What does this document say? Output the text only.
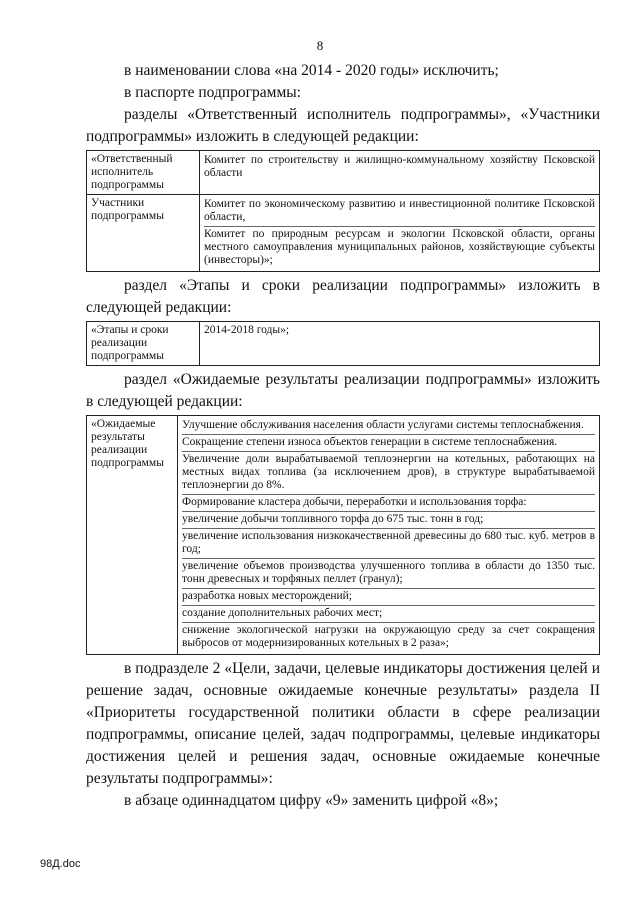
8

в наименовании слова «на 2014 - 2020 годы» исключить;

в паспорте подпрограммы:

разделы «Ответственный исполнитель подпрограммы», «Участники подпрограммы» изложить в следующей редакции:

«Ответственный исполнитель подпрограммы	Комитет по строительству и жилищно-коммунальному хозяйству Псковской области

Участники подпрограммы	Комитет по экономическому развитию и инвестиционной политике Псковской области,
Комитет по природным ресурсам и экологии Псковской области, органы местного самоуправления муниципальных районов, хозяйствующие субъекты (инвесторы)»;

раздел «Этапы и сроки реализации подпрограммы» изложить в следующей редакции:

«Этапы и сроки реализации подпрограммы	2014-2018 годы»;

раздел «Ожидаемые результаты реализации подпрограммы» изложить в следующей редакции:

«Ожидаемые результаты реализации подпрограммы	
Улучшение обслуживания населения области услугами системы теплоснабжения.
Сокращение степени износа объектов генерации в системе теплоснабжения.
Увеличение доли вырабатываемой теплоэнергии на котельных, работающих на местных видах топлива (за исключением дров), в структуре вырабатываемой теплоэнергии до 8%.
Формирование кластера добычи, переработки и использования торфа:
увеличение добычи топливного торфа до 675 тыс. тонн в год;
увеличение использования низкокачественной древесины до 680 тыс. куб. метров в год;
увеличение объемов производства улучшенного топлива в области до 1350 тыс. тонн древесных и торфяных пеллет (гранул);
разработка новых месторождений;
создание дополнительных рабочих мест;
снижение экологической нагрузки на окружающую среду за счет сокращения выбросов от модернизированных котельных в 2 раза»;

в подразделе 2 «Цели, задачи, целевые индикаторы достижения целей и решение задач, основные ожидаемые конечные результаты» раздела II «Приоритеты государственной политики области в сфере реализации подпрограммы, описание целей, задач подпрограммы, целевые индикаторы достижения целей и решения задач, основные ожидаемые конечные результаты подпрограммы»:

в абзаце одиннадцатом цифру «9» заменить цифрой «8»;

98Д.doc
